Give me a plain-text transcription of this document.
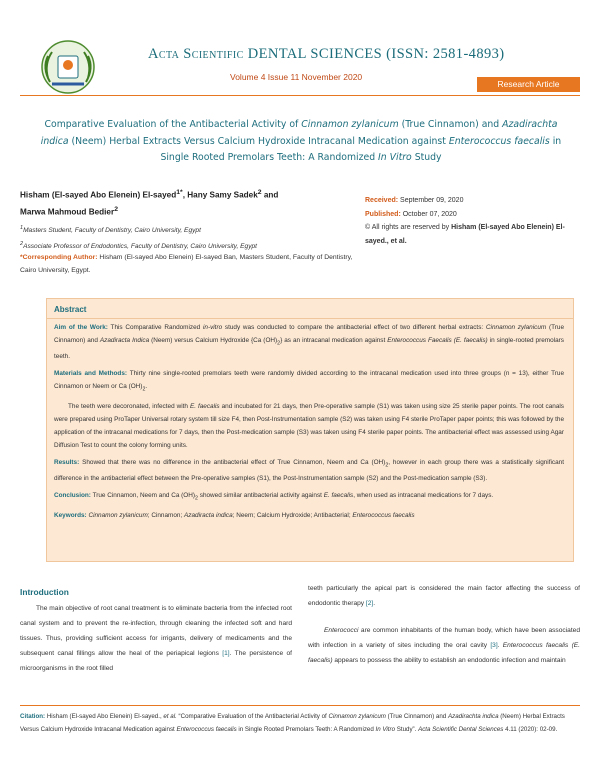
Acta Scientific DENTAL SCIENCES (ISSN: 2581-4893)
Volume 4 Issue 11 November 2020
Research Article
Comparative Evaluation of the Antibacterial Activity of Cinnamon zylanicum (True Cinnamon) and Azadirachta indica (Neem) Herbal Extracts Versus Calcium Hydroxide Intracanal Medication against Enterococcus faecalis in Single Rooted Premolars Teeth: A Randomized In Vitro Study
Hisham (El-sayed Abo Elenein) El-sayed$^{1*}$, Hany Samy Sadek$^2$ and
Marwa Mahmoud Bedier$^2$
$^1$Masters Student, Faculty of Dentistry, Cairo University, Egypt
$^2$Associate Professor of Endodontics, Faculty of Dentistry, Cairo University, Egypt
*Corresponding Author: Hisham (El-sayed Abo Elenein) El-sayed Ban, Masters Student, Faculty of Dentistry, Cairo University, Egypt.
Received: September 09, 2020
Published: October 07, 2020
© All rights are reserved by Hisham (El-sayed Abo Elenein) El-sayed., et al.
Abstract

Aim of the Work: This Comparative Randomized in-vitro study was conducted to compare the antibacterial effect of two different herbal extracts: Cinnamon zylanicum (True Cinnamon) and Azadiracta Indica (Neem) versus Calcium Hydroxide {Ca $(OH)_2$} as an intracanal medication against Enterococcus Faecalis (E. faecalis) in single-rooted premolars teeth.

Materials and Methods: Thirty nine single-rooted premolars teeth were randomly divided according to the intracanal medication used into three groups (n = 13), either True Cinnamon or Neem or Ca $(OH)_2$.

The teeth were decoronated, infected with E. faecalis and incubated for 21 days, then Pre-operative sample (S1) was taken using size 25 sterile paper points. The root canals were prepared using ProTaper Universal rotary system till size F4, then Post-Instrumentation sample (S2) was taken using F4 sterile ProTaper paper points; this was followed by the application of the intracanal medications for 7 days, then the Post-medication sample (S3) was taken using F4 sterile paper points. The antibacterial effect was assessed using Agar Diffusion Test to count the colony forming units.

Results: Showed that there was no difference in the antibacterial effect of True Cinnamon, Neem and Ca $(OH)_2$, however in each group there was a statistically significant difference in the antibacterial effect between the Pre-operative samples (S1), the Post-Instrumentation sample (S2) and the Post-medication sample (S3).

Conclusion: True Cinnamon, Neem and Ca $(OH)_2$ showed similar antibacterial activity against E. faecalis, when used as intracanal medications for 7 days.

Keywords: Cinnamon zylanicum; Cinnamon; Azadiracta indica; Neem; Calcium Hydroxide; Antibacterial; Enterococcus faecalis

Introduction

The main objective of root canal treatment is to eliminate bacteria from the infected root canal system and to prevent the re-infection, through cleaning the infected soft and hard tissues. Thus, providing sufficient access for irrigants, delivery of medicaments and the subsequent canal fillings allow the heal of the periapical legions [1]. The persistence of microorganisms in the root filled

teeth particularly the apical part is considered the main factor affecting the success of endodontic therapy [2].

Enterococci are common inhabitants of the human body, which have been associated with infection in a variety of sites including the oral cavity [3]. Enterococcus faecalis (E. faecalis) appears to possess the ability to establish an endodontic infection and maintain

Citation: Hisham (El-sayed Abo Elenein) El-sayed., et al. “Comparative Evaluation of the Antibacterial Activity of Cinnamon zylanicum (True Cinnamon) and Azadirachta indica (Neem) Herbal Extracts Versus Calcium Hydroxide Intracanal Medication against Enterococcus faecalis in Single Rooted Premolars Teeth: A Randomized In Vitro Study”. Acta Scientific Dental Sciences 4.11 (2020): 02-09.
